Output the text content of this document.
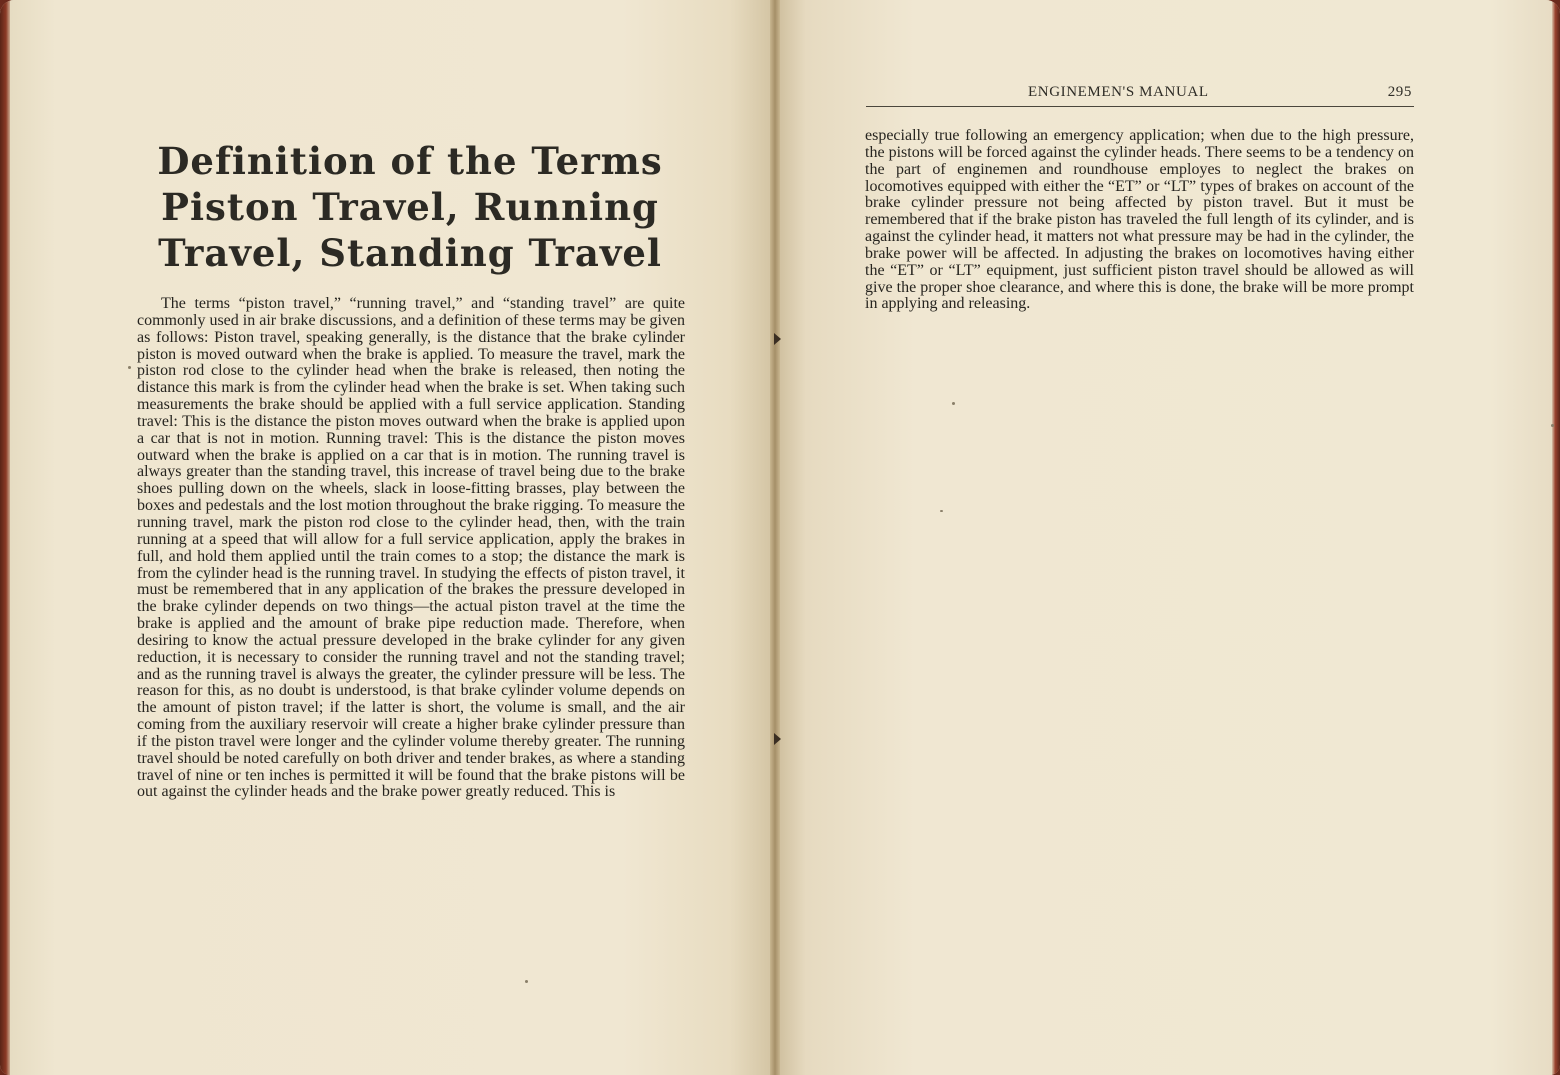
Definition of the Terms Piston Travel, Running Travel, Standing Travel

The terms “piston travel,” “running travel,” and “standing travel” are quite commonly used in air brake discussions, and a definition of these terms may be given as follows: Piston travel, speaking generally, is the distance that the brake cylinder piston is moved outward when the brake is applied. To measure the travel, mark the piston rod close to the cylinder head when the brake is released, then noting the distance this mark is from the cylinder head when the brake is set. When taking such measurements the brake should be applied with a full service application. Standing travel: This is the distance the piston moves outward when the brake is applied upon a car that is not in motion. Running travel: This is the distance the piston moves outward when the brake is applied on a car that is in motion. The running travel is always greater than the standing travel, this increase of travel being due to the brake shoes pulling down on the wheels, slack in loose-fitting brasses, play between the boxes and pedestals and the lost motion throughout the brake rigging. To measure the running travel, mark the piston rod close to the cylinder head, then, with the train running at a speed that will allow for a full service application, apply the brakes in full, and hold them applied until the train comes to a stop; the distance the mark is from the cylinder head is the running travel. In studying the effects of piston travel, it must be remembered that in any application of the brakes the pressure developed in the brake cylinder depends on two things—the actual piston travel at the time the brake is applied and the amount of brake pipe reduction made. Therefore, when desiring to know the actual pressure developed in the brake cylinder for any given reduction, it is necessary to consider the running travel and not the standing travel; and as the running travel is always the greater, the cylinder pressure will be less. The reason for this, as no doubt is understood, is that brake cylinder volume depends on the amount of piston travel; if the latter is short, the volume is small, and the air coming from the auxiliary reservoir will create a higher brake cylinder pressure than if the piston travel were longer and the cylinder volume thereby greater. The running travel should be noted carefully on both driver and tender brakes, as where a standing travel of nine or ten inches is permitted it will be found that the brake pistons will be out against the cylinder heads and the brake power greatly reduced. This is

ENGINEMEN'S MANUAL	295

especially true following an emergency application; when due to the high pressure, the pistons will be forced against the cylinder heads. There seems to be a tendency on the part of enginemen and roundhouse employes to neglect the brakes on locomotives equipped with either the “ET” or “LT” types of brakes on account of the brake cylinder pressure not being affected by piston travel. But it must be remembered that if the brake piston has traveled the full length of its cylinder, and is against the cylinder head, it matters not what pressure may be had in the cylinder, the brake power will be affected. In adjusting the brakes on locomotives having either the “ET” or “LT” equipment, just sufficient piston travel should be allowed as will give the proper shoe clearance, and where this is done, the brake will be more prompt in applying and releasing.
